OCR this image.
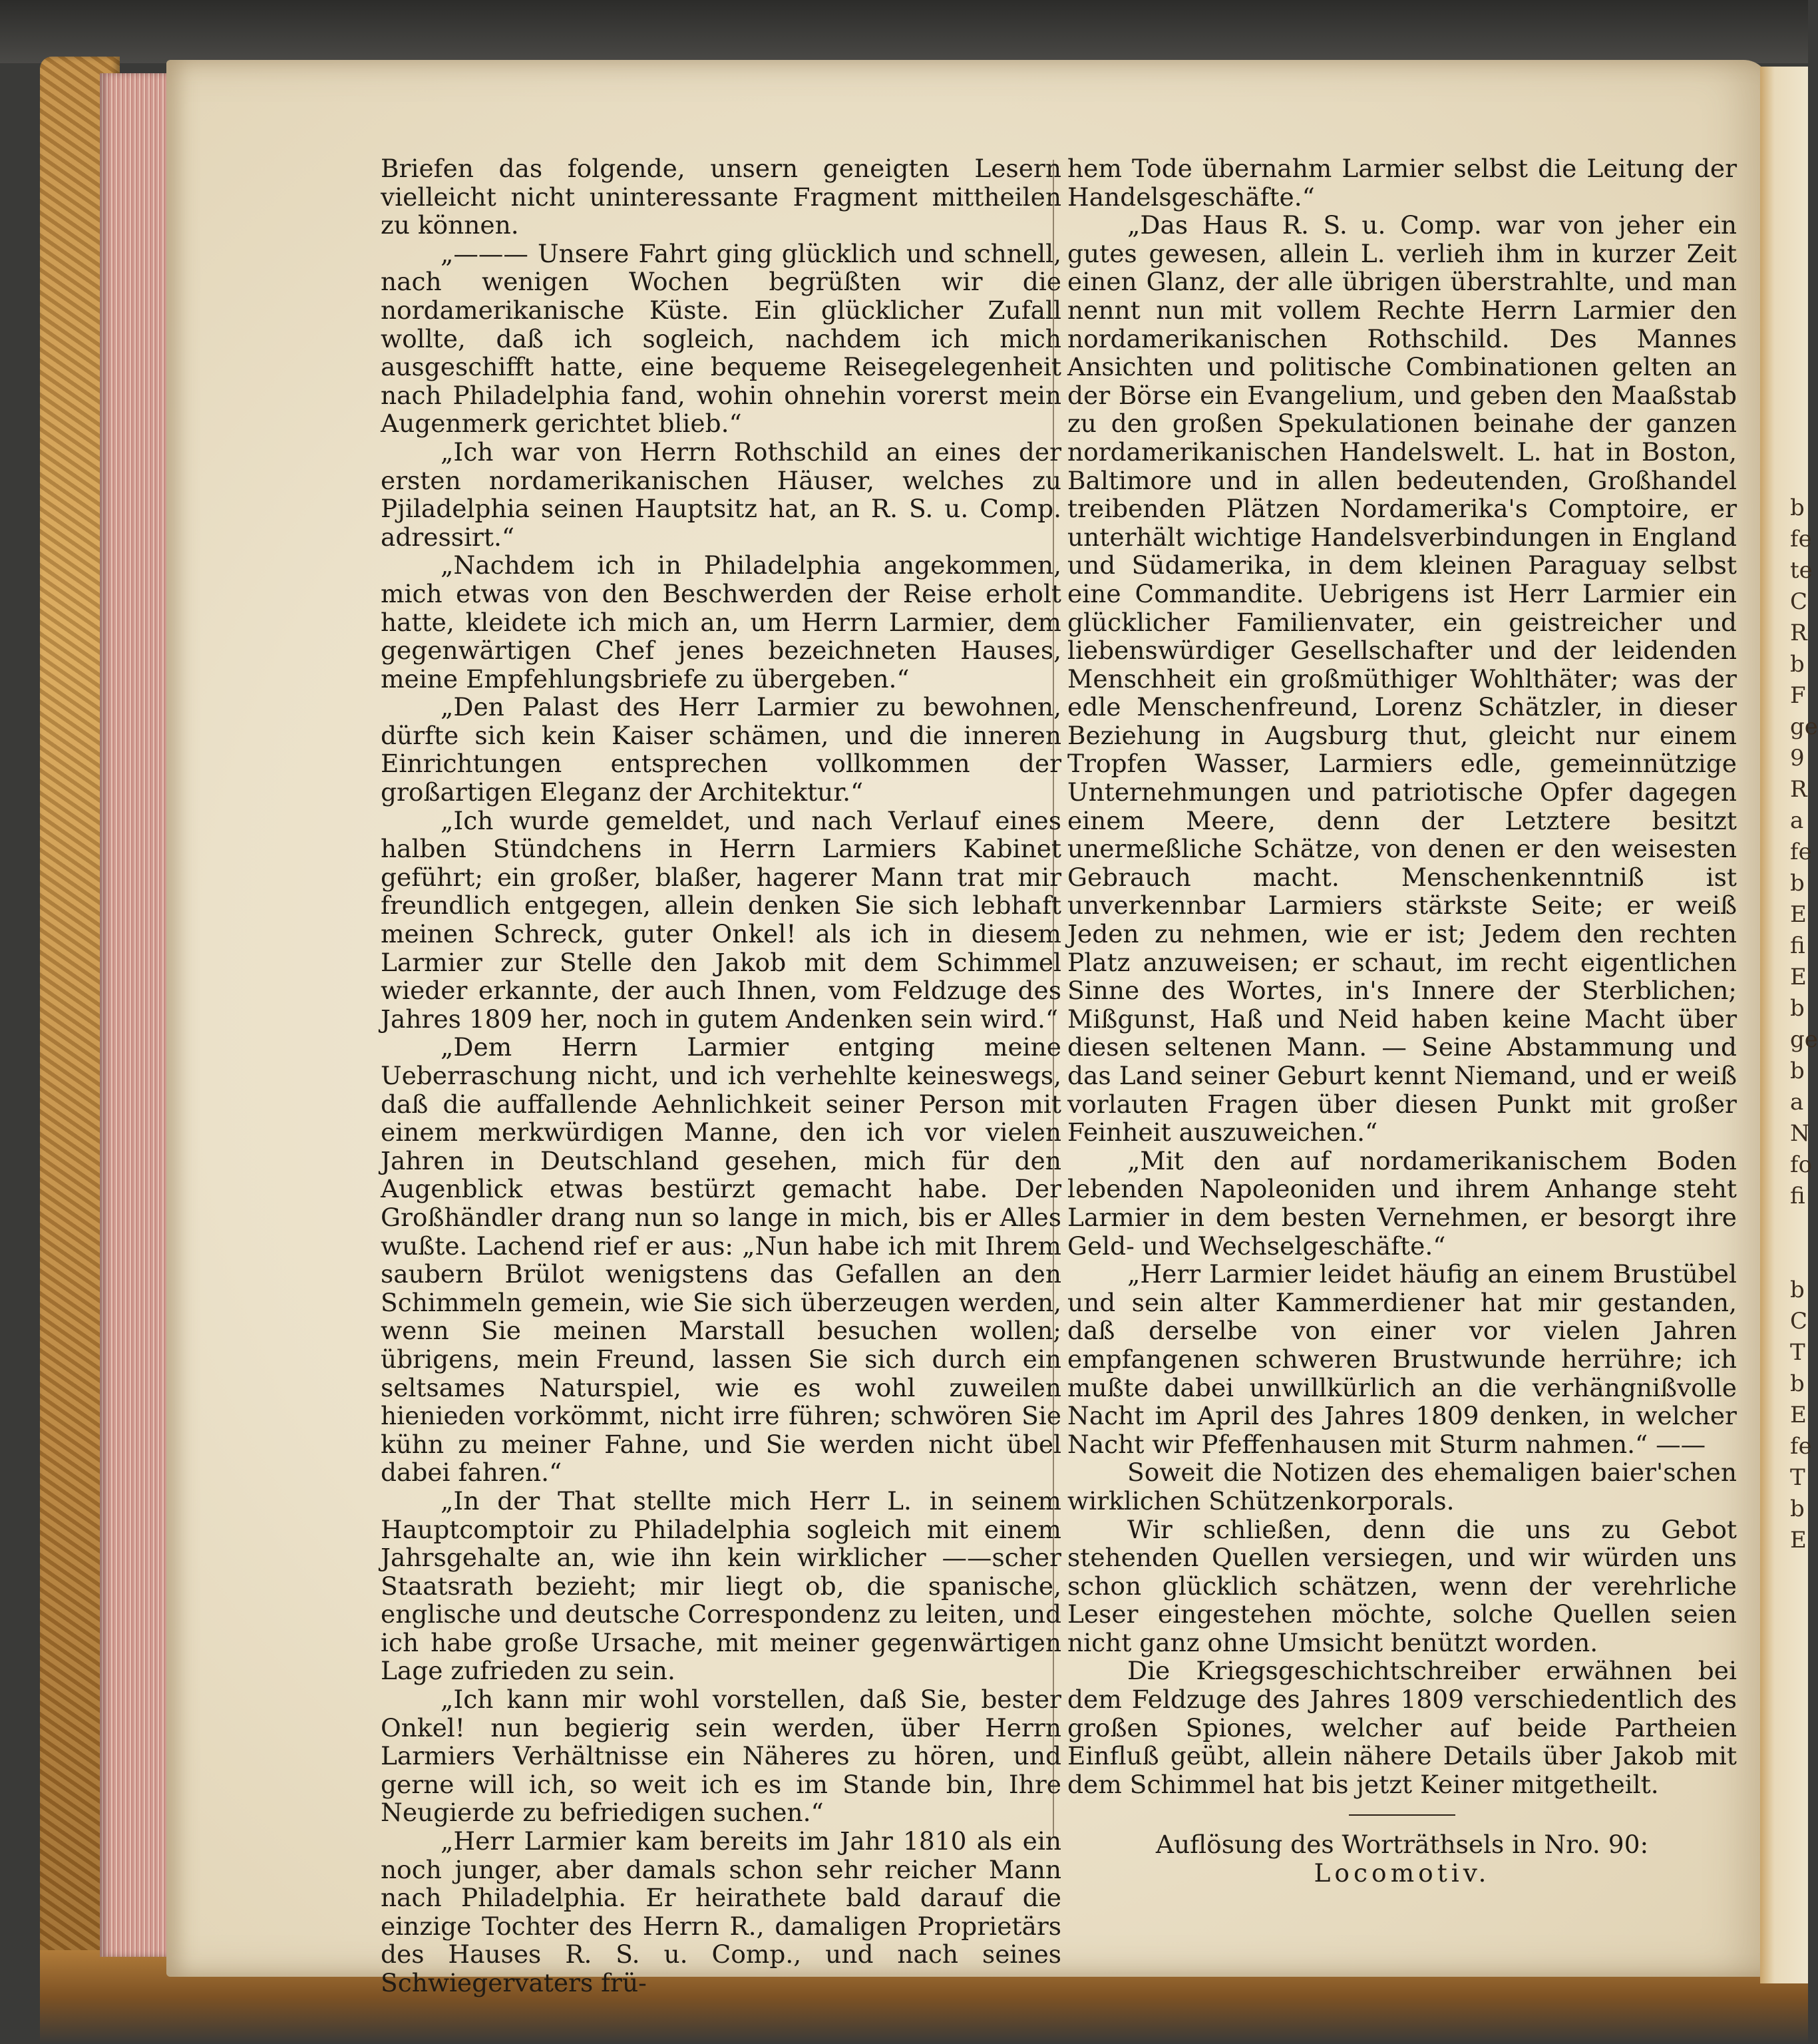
b
fe
te
C
R
b
F
ge
9
R
a
fe
b
E
fi
E
b
ge
b
a
N
fo
fi
b
C
T
b
E
fe
T
b
E

Briefen das folgende, unsern geneigten Lesern vielleicht nicht uninteressante Fragment mittheilen zu können.

„——— Unsere Fahrt ging glücklich und schnell, nach wenigen Wochen begrüßten wir die nordamerikanische Küste. Ein glücklicher Zufall wollte, daß ich sogleich, nachdem ich mich ausgeschifft hatte, eine bequeme Reisegelegenheit nach Philadelphia fand, wohin ohnehin vorerst mein Augenmerk gerichtet blieb.“

„Ich war von Herrn Rothschild an eines der ersten nordamerikanischen Häuser, welches zu Pjiladelphia seinen Hauptsitz hat, an R. S. u. Comp. adressirt.“

„Nachdem ich in Philadelphia angekommen, mich etwas von den Beschwerden der Reise erholt hatte, kleidete ich mich an, um Herrn Larmier, dem gegenwärtigen Chef jenes bezeichneten Hauses, meine Empfehlungsbriefe zu übergeben.“

„Den Palast des Herr Larmier zu bewohnen, dürfte sich kein Kaiser schämen, und die inneren Einrichtungen entsprechen vollkommen der großartigen Eleganz der Architektur.“

„Ich wurde gemeldet, und nach Verlauf eines halben Stündchens in Herrn Larmiers Kabinet geführt; ein großer, blaßer, hagerer Mann trat mir freundlich entgegen, allein denken Sie sich lebhaft meinen Schreck, guter Onkel! als ich in diesem Larmier zur Stelle den Jakob mit dem Schimmel wieder erkannte, der auch Ihnen, vom Feldzuge des Jahres 1809 her, noch in gutem Andenken sein wird.“

„Dem Herrn Larmier entging meine Ueberraschung nicht, und ich verhehlte keineswegs, daß die auffallende Aehnlichkeit seiner Person mit einem merkwürdigen Manne, den ich vor vielen Jahren in Deutschland gesehen, mich für den Augenblick etwas bestürzt gemacht habe. Der Großhändler drang nun so lange in mich, bis er Alles wußte. Lachend rief er aus: „Nun habe ich mit Ihrem saubern Brülot wenigstens das Gefallen an den Schimmeln gemein, wie Sie sich überzeugen werden, wenn Sie meinen Marstall besuchen wollen; übrigens, mein Freund, lassen Sie sich durch ein seltsames Naturspiel, wie es wohl zuweilen hienieden vorkömmt, nicht irre führen; schwören Sie kühn zu meiner Fahne, und Sie werden nicht übel dabei fahren.“

„In der That stellte mich Herr L. in seinem Hauptcomptoir zu Philadelphia sogleich mit einem Jahrsgehalte an, wie ihn kein wirklicher ——scher Staatsrath bezieht; mir liegt ob, die spanische, englische und deutsche Correspondenz zu leiten, und ich habe große Ursache, mit meiner gegenwärtigen Lage zufrieden zu sein.

„Ich kann mir wohl vorstellen, daß Sie, bester Onkel! nun begierig sein werden, über Herrn Larmiers Verhältnisse ein Näheres zu hören, und gerne will ich, so weit ich es im Stande bin, Ihre Neugierde zu befriedigen suchen.“

„Herr Larmier kam bereits im Jahr 1810 als ein noch junger, aber damals schon sehr reicher Mann nach Philadelphia. Er heirathete bald darauf die einzige Tochter des Herrn R., damaligen Proprietärs des Hauses R. S. u. Comp., und nach seines Schwiegervaters frü-

hem Tode übernahm Larmier selbst die Leitung der Handelsgeschäfte.“

„Das Haus R. S. u. Comp. war von jeher ein gutes gewesen, allein L. verlieh ihm in kurzer Zeit einen Glanz, der alle übrigen überstrahlte, und man nennt nun mit vollem Rechte Herrn Larmier den nordamerikanischen Rothschild. Des Mannes Ansichten und politische Combinationen gelten an der Börse ein Evangelium, und geben den Maaßstab zu den großen Spekulationen beinahe der ganzen nordamerikanischen Handelswelt. L. hat in Boston, Baltimore und in allen bedeutenden, Großhandel treibenden Plätzen Nordamerika's Comptoire, er unterhält wichtige Handelsverbindungen in England und Südamerika, in dem kleinen Paraguay selbst eine Commandite. Uebrigens ist Herr Larmier ein glücklicher Familienvater, ein geistreicher und liebenswürdiger Gesellschafter und der leidenden Menschheit ein großmüthiger Wohlthäter; was der edle Menschenfreund, Lorenz Schätzler, in dieser Beziehung in Augsburg thut, gleicht nur einem Tropfen Wasser, Larmiers edle, gemeinnützige Unternehmungen und patriotische Opfer dagegen einem Meere, denn der Letztere besitzt unermeßliche Schätze, von denen er den weisesten Gebrauch macht. Menschenkenntniß ist unverkennbar Larmiers stärkste Seite; er weiß Jeden zu nehmen, wie er ist; Jedem den rechten Platz anzuweisen; er schaut, im recht eigentlichen Sinne des Wortes, in's Innere der Sterblichen; Mißgunst, Haß und Neid haben keine Macht über diesen seltenen Mann. — Seine Abstammung und das Land seiner Geburt kennt Niemand, und er weiß vorlauten Fragen über diesen Punkt mit großer Feinheit auszuweichen.“

„Mit den auf nordamerikanischem Boden lebenden Napoleoniden und ihrem Anhange steht Larmier in dem besten Vernehmen, er besorgt ihre Geld- und Wechselgeschäfte.“

„Herr Larmier leidet häufig an einem Brustübel und sein alter Kammerdiener hat mir gestanden, daß derselbe von einer vor vielen Jahren empfangenen schweren Brustwunde herrühre; ich mußte dabei unwillkürlich an die verhängnißvolle Nacht im April des Jahres 1809 denken, in welcher Nacht wir Pfeffenhausen mit Sturm nahmen.“ ——

Soweit die Notizen des ehemaligen baier'schen wirklichen Schützenkorporals.

Wir schließen, denn die uns zu Gebot stehenden Quellen versiegen, und wir würden uns schon glücklich schätzen, wenn der verehrliche Leser eingestehen möchte, solche Quellen seien nicht ganz ohne Umsicht benützt worden.

Die Kriegsgeschichtschreiber erwähnen bei dem Feldzuge des Jahres 1809 verschiedentlich des großen Spiones, welcher auf beide Partheien Einfluß geübt, allein nähere Details über Jakob mit dem Schimmel hat bis jetzt Keiner mitgetheilt.

Auflösung des Worträthsels in Nro. 90:

Locomotiv.
